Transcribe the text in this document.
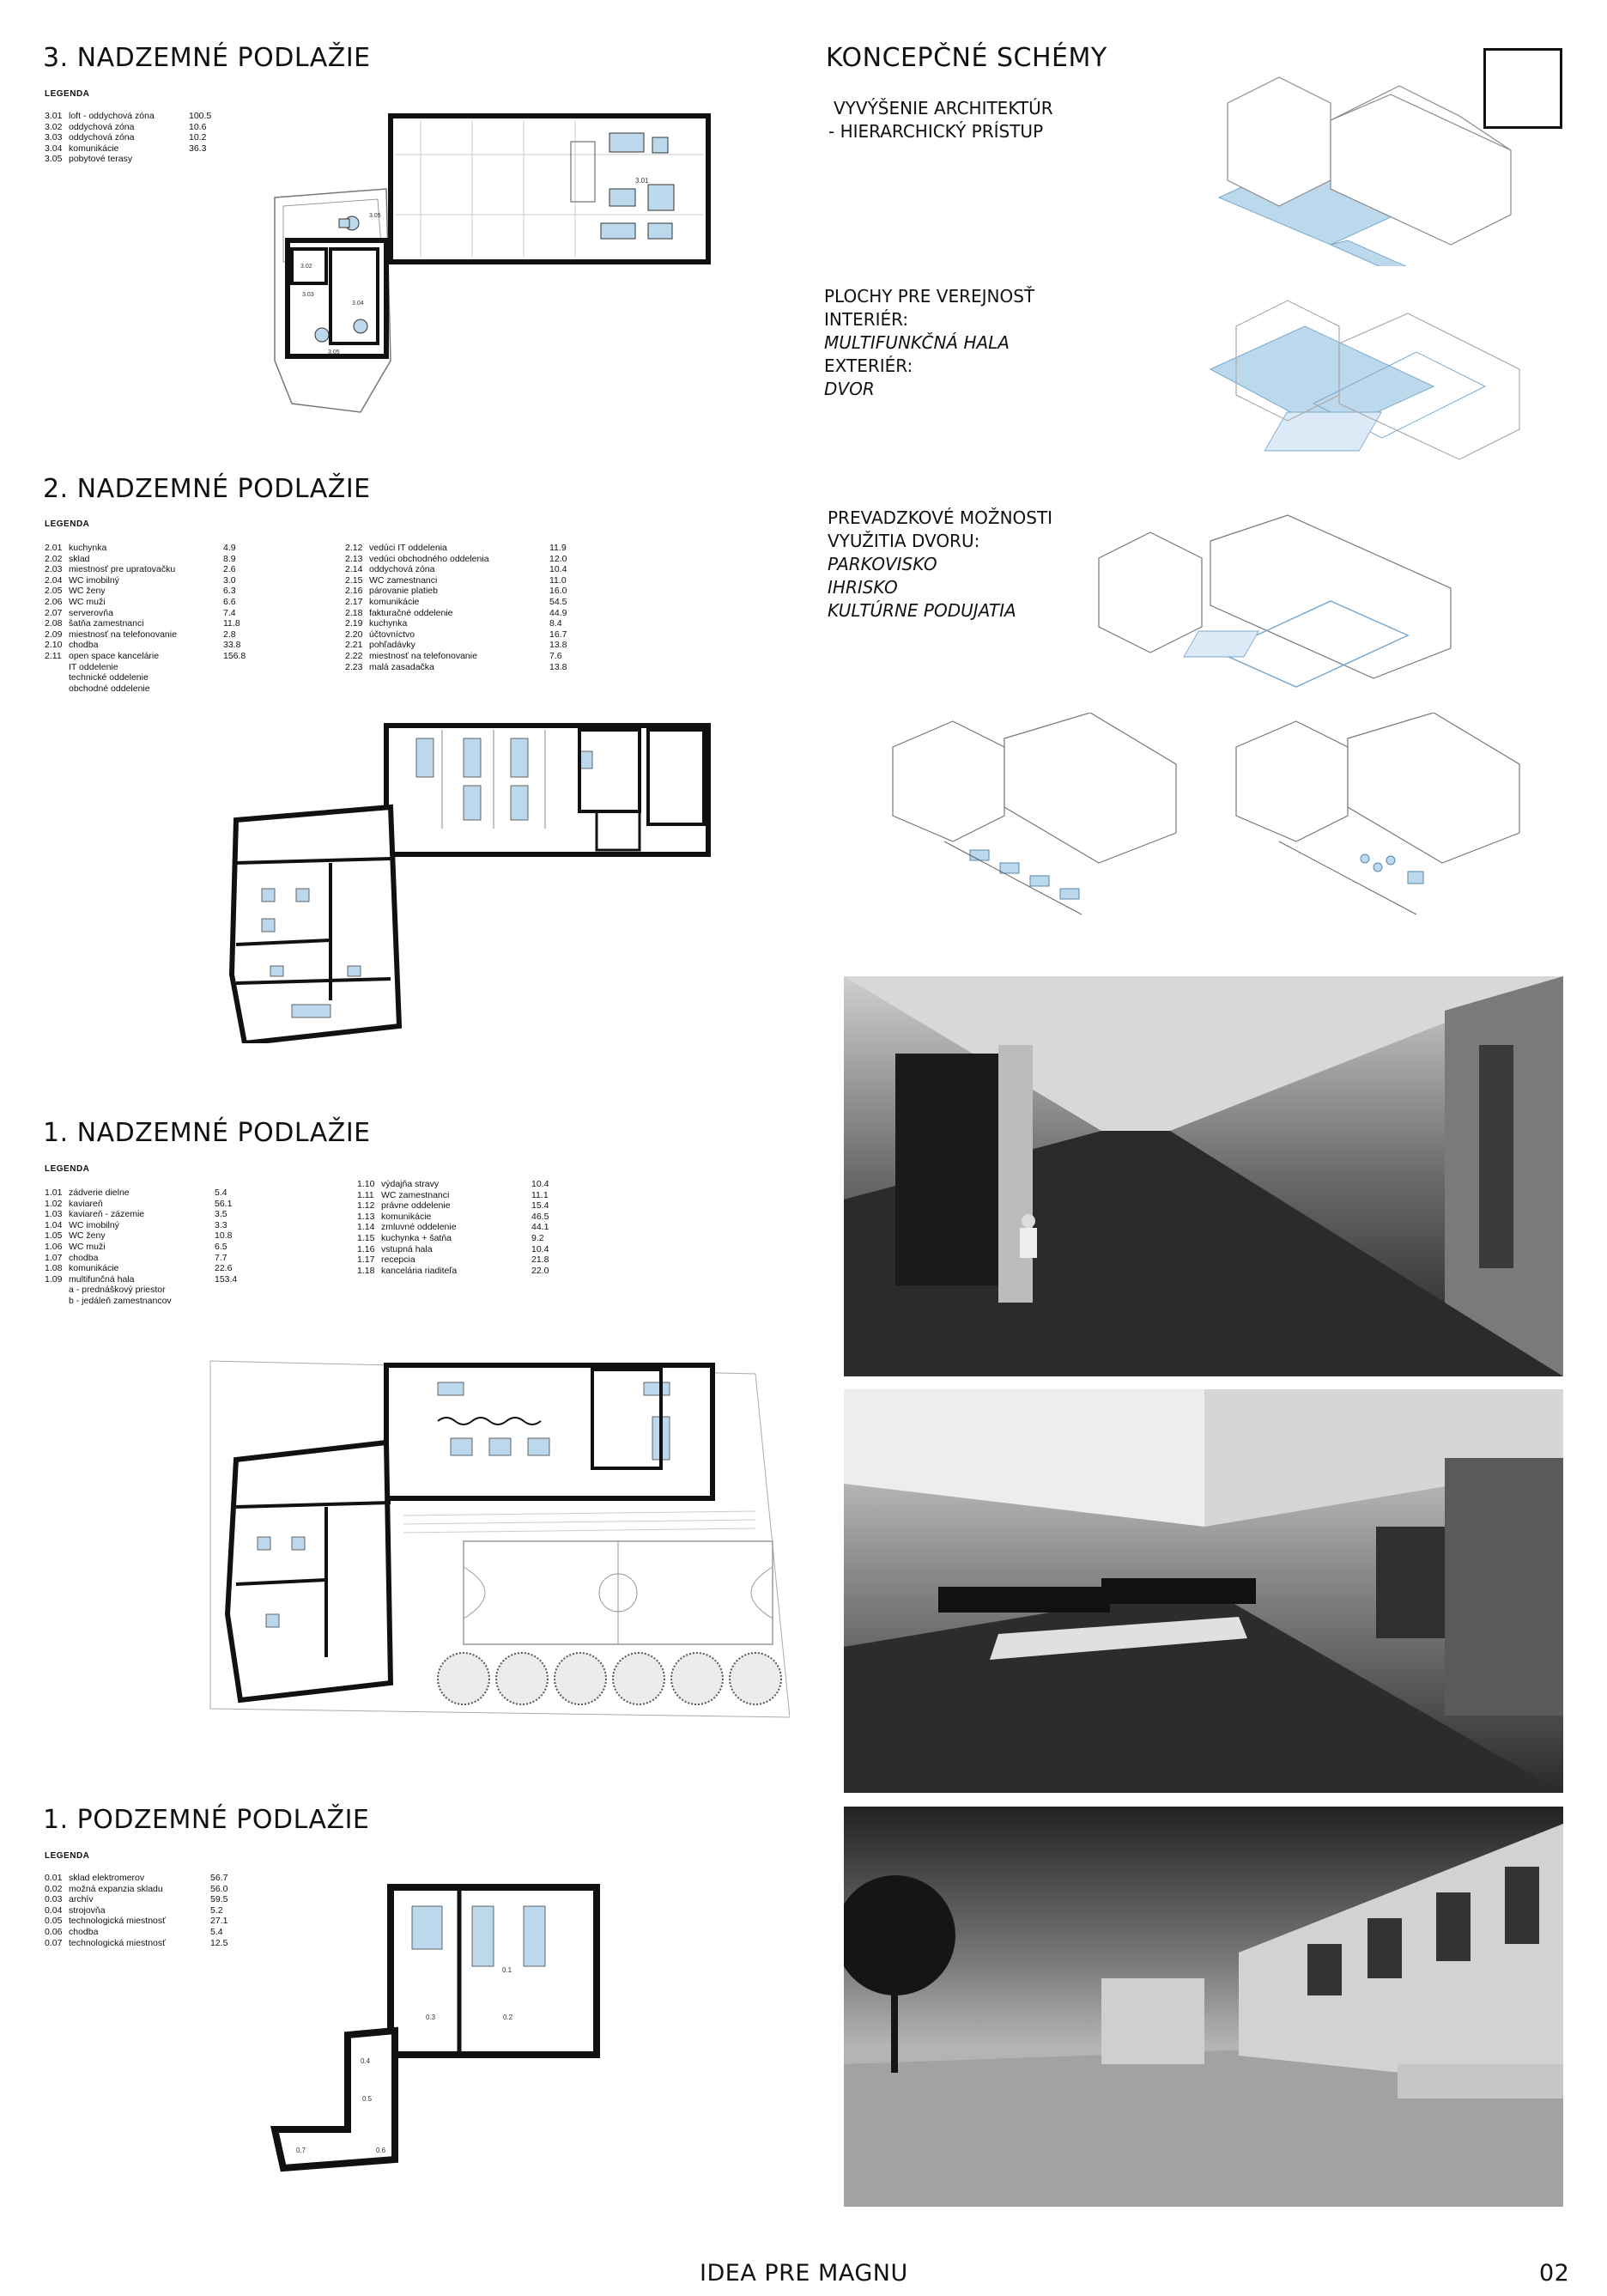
3. NADZEMNÉ PODLAŽIE
LEGENDA
3.01 loft - oddychová zóna	100.5
3.02 oddychová zóna	10.6
3.03 oddychová zóna	10.2
3.04 komunikácie	36.3
3.05 pobytové terasy
3.01
3.05
3.02
3.03
3.04
3.05
2. NADZEMNÉ PODLAŽIE
LEGENDA
2.01 kuchynka	4.9
2.02 sklad	8.9
2.03 miestnosť pre upratovačku	2.6
2.04 WC imobilný	3.0
2.05 WC ženy	6.3
2.06 WC muži	6.6
2.07 serverovňa	7.4
2.08 šatňa zamestnanci	11.8
2.09 miestnosť na telefonovanie	2.8
2.10 chodba	33.8
2.11 open space kancelárie	156.8
IT oddelenie
technické oddelenie
obchodné oddelenie
2.12 vedúci IT oddelenia	11.9
2.13 vedúci obchodného oddelenia	12.0
2.14 oddychová zóna	10.4
2.15 WC zamestnanci	11.0
2.16 párovanie platieb	16.0
2.17 komunikácie	54.5
2.18 fakturačné oddelenie	44.9
2.19 kuchynka	8.4
2.20 účtovníctvo	16.7
2.21 pohľadávky	13.8
2.22 miestnosť na telefonovanie	7.6
2.23 malá zasadačka	13.8
1. NADZEMNÉ PODLAŽIE
LEGENDA
1.01 zádverie dielne	5.4
1.02 kaviareň	56.1
1.03 kaviareň - zázemie	3.5
1.04 WC imobilný	3.3
1.05 WC ženy	10.8
1.06 WC muži	6.5
1.07 chodba	7.7
1.08 komunikácie	22.6
1.09 multifunčná hala	153.4
a - prednáškový priestor
b - jedáleň zamestnancov
1.10 výdajňa stravy	10.4
1.11 WC zamestnanci	11.1
1.12 právne oddelenie	15.4
1.13 komunikácie	46.5
1.14 zmluvné oddelenie	44.1
1.15 kuchynka + šatňa	9.2
1.16 vstupná hala	10.4
1.17 recepcia	21.8
1.18 kancelária riaditeľa	22.0
1. PODZEMNÉ PODLAŽIE
LEGENDA
0.01 sklad elektromerov	56.7
0.02 možná expanzia skladu	56.0
0.03 archív	59.5
0.04 strojovňa	5.2
0.05 technologická miestnosť	27.1
0.06 chodba	5.4
0.07 technologická miestnosť	12.5
0.1
0.3	0.2
0.4
0.5
0.6
0.7
KONCEPČNÉ SCHÉMY
VYVÝŠENIE ARCHITEKTÚR
- HIERARCHICKÝ PRÍSTUP
PLOCHY PRE VEREJNOSŤ
INTERIÉR:
MULTIFUNKČNÁ HALA
EXTERIÉR:
DVOR
PREVADZKOVÉ MOŽNOSTI
VYUŽITIA DVORU:
PARKOVISKO
IHRISKO
KULTÚRNE PODUJATIA
IDEA PRE MAGNU	02
